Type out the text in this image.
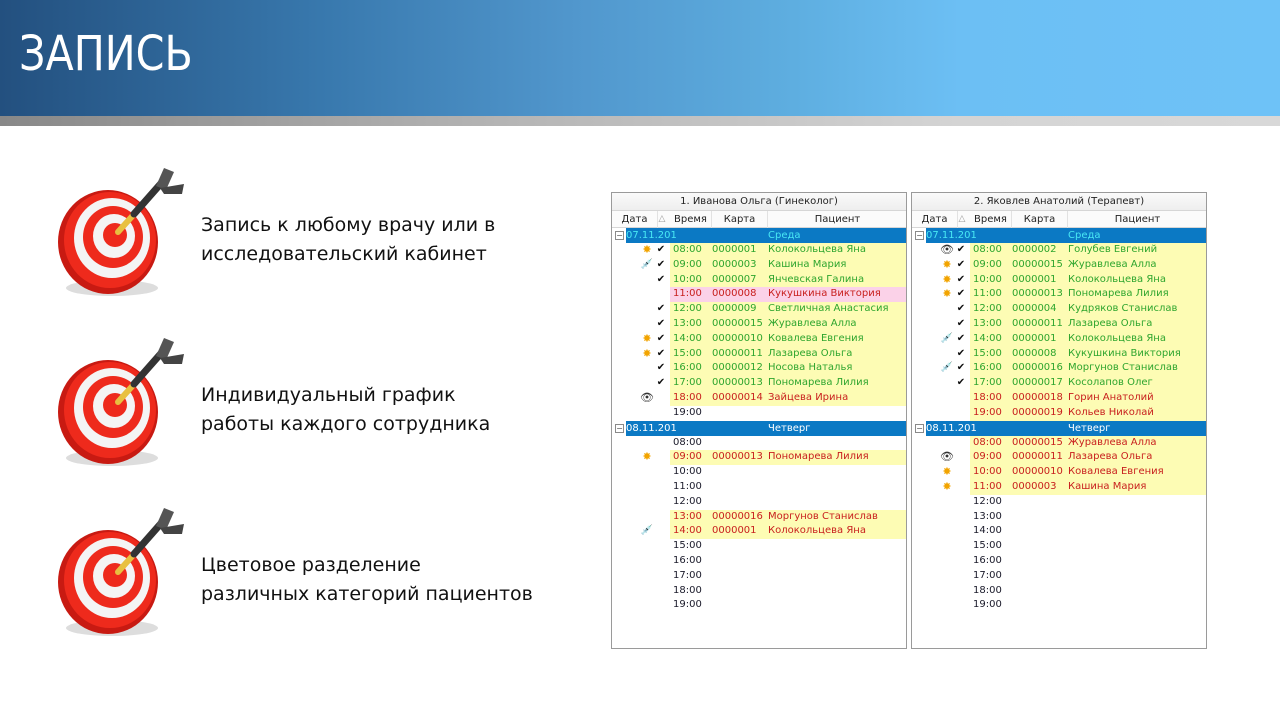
ЗАПИСЬ
Запись к любому врачу или в
исследовательский кабинет
Индивидуальный график
работы каждого сотрудника
Цветовое разделение
различных категорий пациентов
1. Иванова Ольга (Гинеколог)
Дата	△ Время	Карта	Пациент
− 07.11.201	Среда
✸ ✔ 08:00 0000001 Колокольцева Яна
💉 ✔ 09:00 0000003 Кашина Мария
✔ 10:00 0000007 Янчевская Галина
11:00 0000008 Кукушкина Виктория
✔ 12:00 0000009 Светличная Анастасия
✔ 13:00 00000015 Журавлева Алла
✸ ✔ 14:00 00000010 Ковалева Евгения
✸ ✔ 15:00 00000011 Лазарева Ольга
✔ 16:00 00000012 Носова Наталья
✔ 17:00 00000013 Пономарева Лилия
👁 18:00 00000014 Зайцева Ирина
19:00
− 08.11.201	Четверг
08:00
✸ 09:00 00000013 Пономарева Лилия
10:00
11:00
12:00
13:00 00000016 Моргунов Станислав
💉 14:00 0000001 Колокольцева Яна
15:00
16:00
17:00
18:00
19:00
2. Яковлев Анатолий (Терапевт)
Дата	△ Время	Карта	Пациент
− 07.11.201	Среда
👁 ✔ 08:00 0000002 Голубев Евгений
✸ ✔ 09:00 00000015 Журавлева Алла
✸ ✔ 10:00 0000001 Колокольцева Яна
✸ ✔ 11:00 00000013 Пономарева Лилия
✔ 12:00 0000004 Кудряков Станислав
✔ 13:00 00000011 Лазарева Ольга
💉 ✔ 14:00 0000001 Колокольцева Яна
✔ 15:00 0000008 Кукушкина Виктория
💉 ✔ 16:00 00000016 Моргунов Станислав
✔ 17:00 00000017 Косолапов Олег
18:00 00000018 Горин Анатолий
19:00 00000019 Кольев Николай
− 08.11.201	Четверг
08:00 00000015 Журавлева Алла
👁 09:00 00000011 Лазарева Ольга
✸ 10:00 00000010 Ковалева Евгения
✸ 11:00 0000003 Кашина Мария
12:00
13:00
14:00
15:00
16:00
17:00
18:00
19:00
